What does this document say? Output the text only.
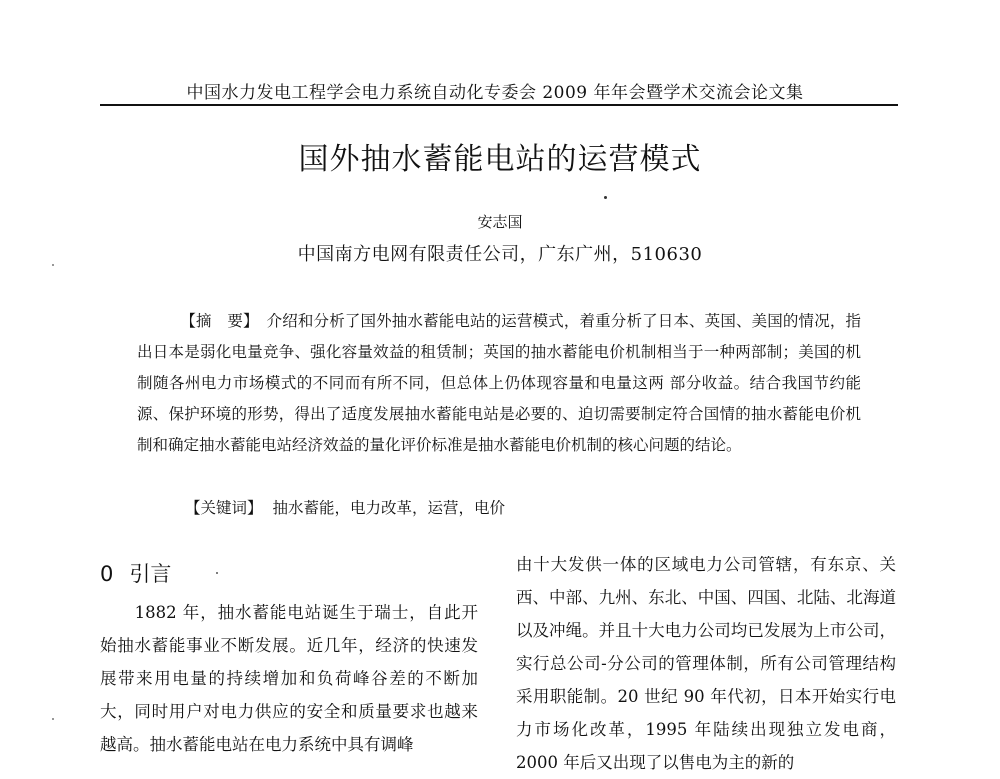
中国水力发电工程学会电力系统自动化专委会 2009 年年会暨学术交流会论文集
国外抽水蓄能电站的运营模式
安志国
中国南方电网有限责任公司，广东广州，510630
【摘　要】 介绍和分析了国外抽水蓄能电站的运营模式，着重分析了日本、英国、美国的情况，指出日本是弱化电量竞争、强化容量效益的租赁制；英国的抽水蓄能电价机制相当于一种两部制；美国的机制随各州电力市场模式的不同而有所不同，但总体上仍体现容量和电量这两 部分收益。结合我国节约能源、保护环境的形势，得出了适度发展抽水蓄能电站是必要的、迫切需要制定符合国情的抽水蓄能电价机制和确定抽水蓄能电站经济效益的量化评价标准是抽水蓄能电价机制的核心问题的结论。
【关键词】 抽水蓄能，电力改革，运营，电价
0 引言
1882 年，抽水蓄能电站诞生于瑞士，自此开始抽水蓄能事业不断发展。近几年，经济的快速发展带来用电量的持续增加和负荷峰谷差的不断加大，同时用户对电力供应的安全和质量要求也越来越高。抽水蓄能电站在电力系统中具有调峰
由十大发供一体的区域电力公司管辖，有东京、关西、中部、九州、东北、中国、四国、北陆、北海道以及冲绳。并且十大电力公司均已发展为上市公司，实行总公司-分公司的管理体制，所有公司管理结构采用职能制。20 世纪 90 年代初，日本开始实行电力市场化改革，1995 年陆续出现独立发电商，2000 年后又出现了以售电为主的新的
